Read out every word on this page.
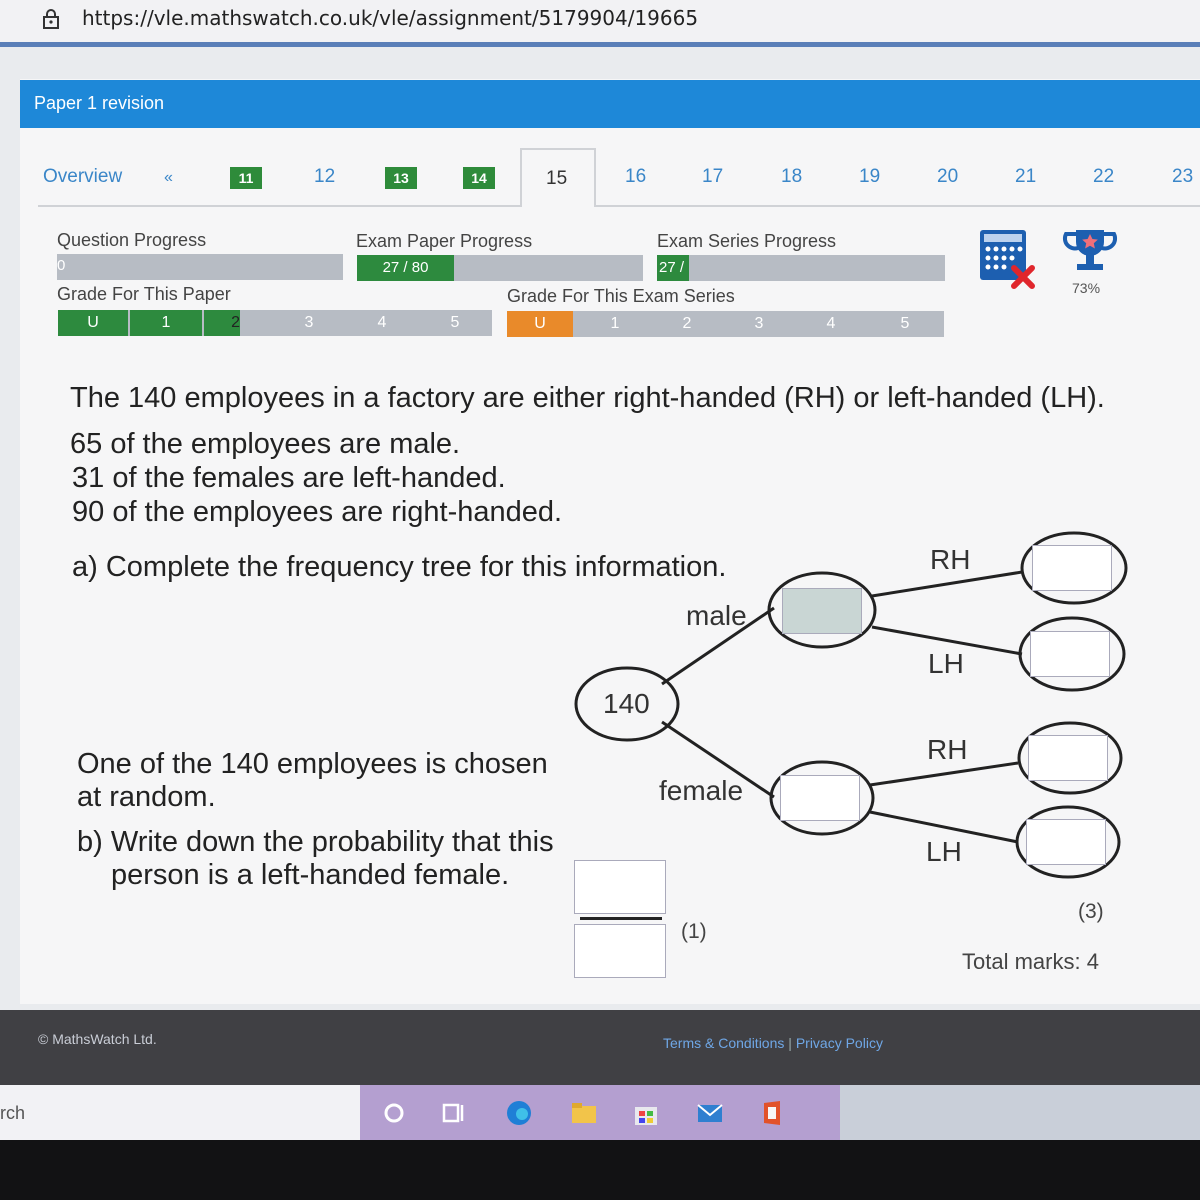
https://vle.mathswatch.co.uk/vle/assignment/5179904/19665
Paper 1 revision
Overview	«	11	12	13	14	15	16	17	18	19	20	21	22	23
Question Progress
0
Exam Paper Progress
27 / 80
Exam Series Progress
27 /
Grade For This Paper
U	1	2	3	4	5
Grade For This Exam Series
U	1	2	3	4	5
73%
The 140 employees in a factory are either right-handed (RH) or left-handed (LH).
65 of the employees are male.
31 of the females are left-handed.
90 of the employees are right-handed.
a) Complete the frequency tree for this information.
140
male
female
RH
LH
RH
LH
One of the 140 employees is chosen
at random.
b) Write down the probability that this
person is a left-handed female.
(1)
(3)
Total marks: 4
© MathsWatch Ltd.	Terms & Conditions | Privacy Policy
rch
